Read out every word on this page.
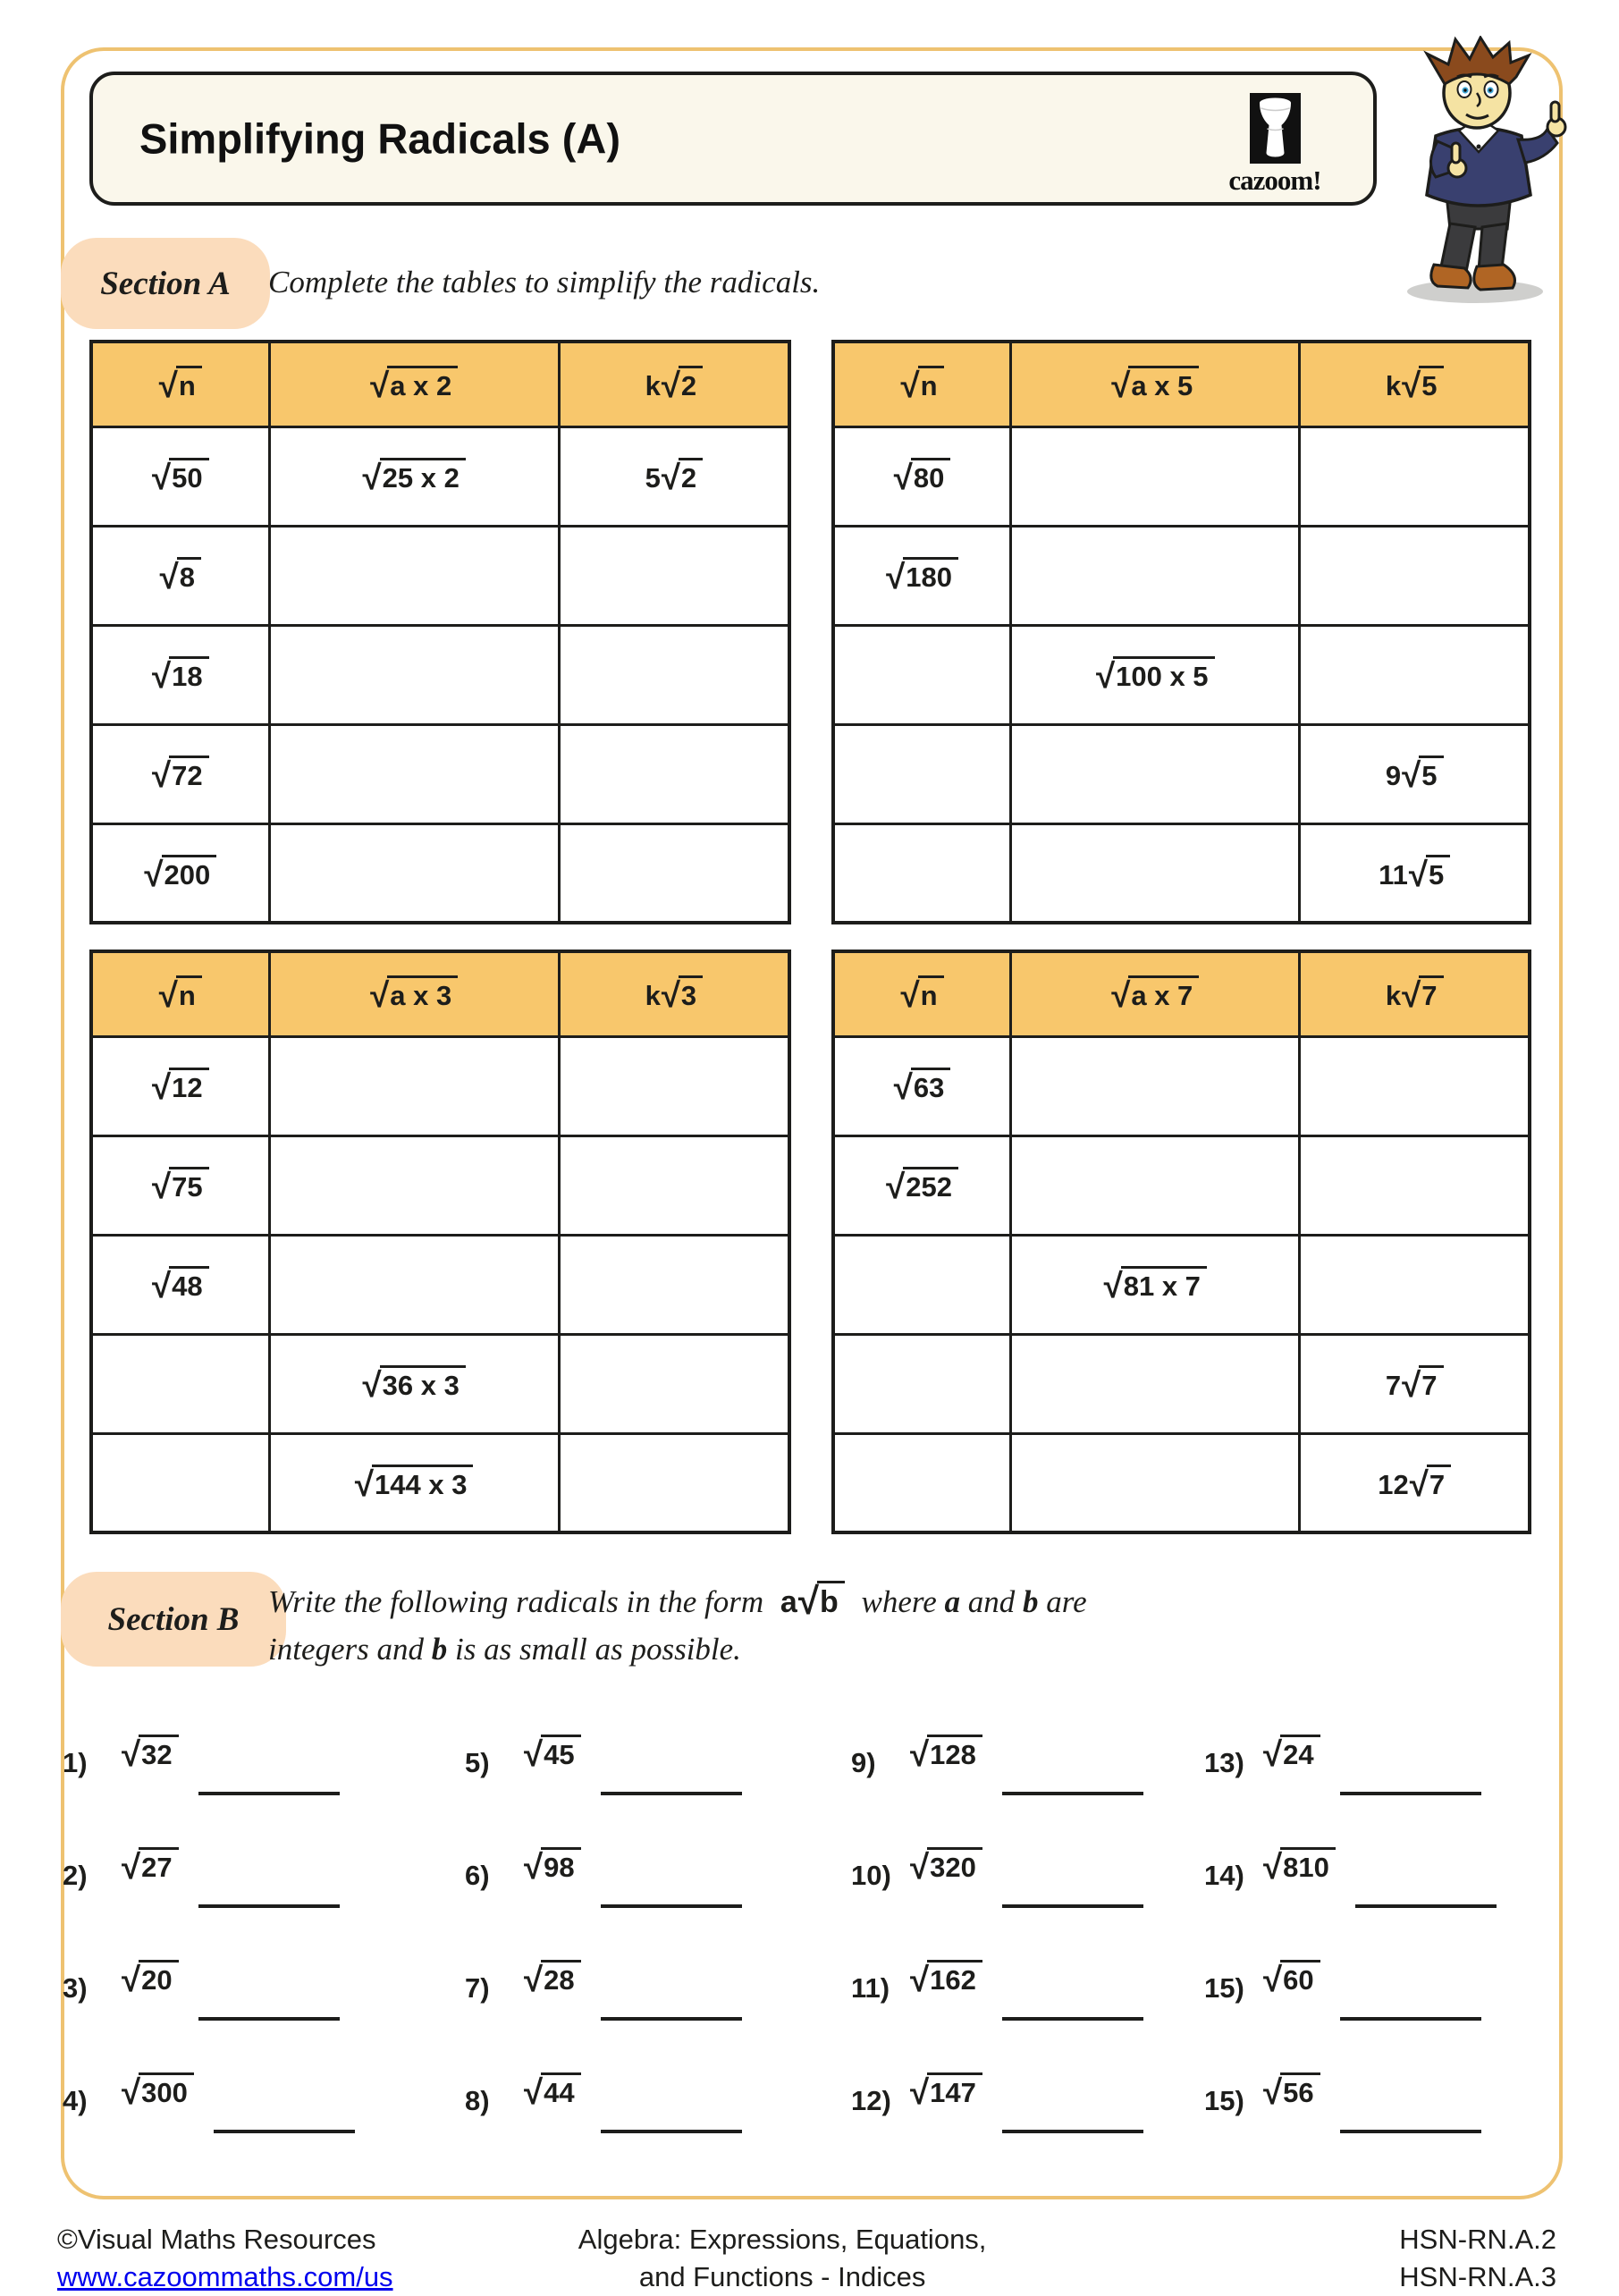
Simplifying Radicals (A)
cazoom!
Section A Complete the tables to simplify the radicals.
√n	√a x 2	k√2
√50	√25 x 2	5√2
√8		
√18		
√72		
√200		
√n	√a x 5	k√5
√80		
√180		
	√100 x 5	
		9√5
		11√5
√n	√a x 3	k√3
√12		
√75		
√48		
	√36 x 3	
	√144 x 3	
√n	√a x 7	k√7
√63		
√252		
	√81 x 7	
		7√7
		12√7
Section B Write the following radicals in the form a√b where a and b are
integers and b is as small as possible.
1) √32	5) √45	9) √128	13) √24
2) √27	6) √98	10) √320	14) √810
3) √20	7) √28	11) √162	15) √60
4) √300	8) √44	12) √147	15) √56
©Visual Maths Resources
www.cazoommaths.com/us
Algebra: Expressions, Equations,
and Functions - Indices
HSN-RN.A.2
HSN-RN.A.3
